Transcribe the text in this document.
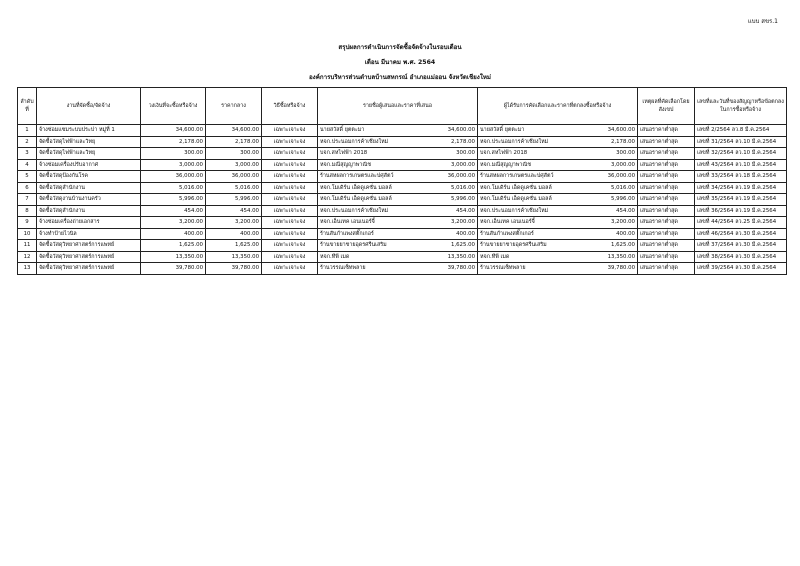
แบบ สขร.1
สรุปผลการดำเนินการจัดซื้อจัดจ้างในรอบเดือน
เดือน มีนาคม พ.ศ. 2564
องค์การบริหารส่วนตำบลบ้านสหกรณ์ อำเภอแม่ออน จังหวัดเชียงใหม่
ลำดับที่	งานที่จัดซื้อ/จัดจ้าง	วงเงินที่จะซื้อหรือจ้าง	ราคากลาง	วิธีซื้อหรือจ้าง	รายชื่อผู้เสนอและราคาที่เสนอ	ผู้ได้รับการคัดเลือกและราคาที่ตกลงซื้อหรือจ้าง	เหตุผลที่คัดเลือกโดยสังเขป	เลขที่และวันที่ของสัญญาหรือข้อตกลงในการซื้อหรือจ้าง
1	จ้างซ่อมแซมระบบประปา หมู่ที่ 1	34,600.00	34,600.00	เฉพาะเจาะจง	นายสวัสดิ์ ยุตตะมา 34,600.00	นายสวัสดิ์ ยุตตะมา 34,600.00	เสนอราคาต่ำสุด	เลขที่ 2/2564 ลว.8 มี.ค.2564
2	จัดซื้อวัสดุไฟฟ้าและวิทยุ	2,178.00	2,178.00	เฉพาะเจาะจง	หจก.ประนอมการค้าเชียงใหม่ 2,178.00	หจก.ประนอมการค้าเชียงใหม่ 2,178.00	เสนอราคาต่ำสุด	เลขที่ 31/2564 ลว.10 มี.ค.2564
3	จัดซื้อวัสดุไฟฟ้าและวิทยุ	300.00	300.00	เฉพาะเจาะจง	บจก.สหไฟฟ้า 2018 300.00	บจก.สหไฟฟ้า 2018 300.00	เสนอราคาต่ำสุด	เลขที่ 32/2564 ลว.10 มี.ค.2564
4	จ้างซ่อมเครื่องปรับอากาศ	3,000.00	3,000.00	เฉพาะเจาะจง	หจก.มณีสุญญาพาณิช 3,000.00	หจก.มณีสุญญาพาณิช 3,000.00	เสนอราคาต่ำสุด	เลขที่ 43/2564 ลว.10 มี.ค.2564
5	จัดซื้อวัสดุป้องกันโรค	36,000.00	36,000.00	เฉพาะเจาะจง	ร้านสหผลการเกษตรและปศุสัตว์ 36,000.00	ร้านสหผลการเกษตรและปศุสัตว์ 36,000.00	เสนอราคาต่ำสุด	เลขที่ 33/2564 ลว.18 มี.ค.2564
6	จัดซื้อวัสดุสำนักงาน	5,016.00	5,016.00	เฉพาะเจาะจง	หจก.โมเดิร์น เอ็ดดูเคชั่น มอลล์ 5,016.00	หจก.โมเดิร์น เอ็ดดูเคชั่น มอลล์ 5,016.00	เสนอราคาต่ำสุด	เลขที่ 34/2564 ลว.19 มี.ค.2564
7	จัดซื้อวัสดุงานบ้านงานครัว	5,996.00	5,996.00	เฉพาะเจาะจง	หจก.โมเดิร์น เอ็ดดูเคชั่น มอลล์ 5,996.00	หจก.โมเดิร์น เอ็ดดูเคชั่น มอลล์ 5,996.00	เสนอราคาต่ำสุด	เลขที่ 35/2564 ลว.19 มี.ค.2564
8	จัดซื้อวัสดุสำนักงาน	454.00	454.00	เฉพาะเจาะจง	หจก.ประนอมการค้าเชียงใหม่ 454.00	หจก.ประนอมการค้าเชียงใหม่ 454.00	เสนอราคาต่ำสุด	เลขที่ 36/2564 ลว.19 มี.ค.2564
9	จ้างซ่อมเครื่องถ่ายเอกสาร	3,200.00	3,200.00	เฉพาะเจาะจง	หจก.เอ็นเทค เอนเนอร์จี้ 3,200.00	หจก.เอ็นเทค เอนเนอร์จี้ 3,200.00	เสนอราคาต่ำสุด	เลขที่ 44/2564 ลว.25 มี.ค.2564
10	จ้างทำป้ายไวนิล	400.00	400.00	เฉพาะเจาะจง	ร้านสันกำแพงสติ๊กเกอร์ 400.00	ร้านสันกำแพงสติ๊กเกอร์ 400.00	เสนอราคาต่ำสุด	เลขที่ 46/2564 ลว.30 มี.ค.2564
11	จัดซื้อวัสดุวิทยาศาสตร์การแพทย์	1,625.00	1,625.00	เฉพาะเจาะจง	ร้านขายยาชายอุดรศรีนเสริม 1,625.00	ร้านขายยาชายอุดรศรีนเสริม 1,625.00	เสนอราคาต่ำสุด	เลขที่ 37/2564 ลว.30 มี.ค.2564
12	จัดซื้อวัสดุวิทยาศาสตร์การแพทย์	13,350.00	13,350.00	เฉพาะเจาะจง	หจก.ทีพี เมด 13,350.00	หจก.ทีพี เมด 13,350.00	เสนอราคาต่ำสุด	เลขที่ 38/2564 ลว.30 มี.ค.2564
13	จัดซื้อวัสดุวิทยาศาสตร์การแพทย์	39,780.00	39,780.00	เฉพาะเจาะจง	ร้านวรรณเซ็ทพลาย 39,780.00	ร้านวรรณเซ็ทพลาย 39,780.00	เสนอราคาต่ำสุด	เลขที่ 39/2564 ลว.30 มี.ค.2564
